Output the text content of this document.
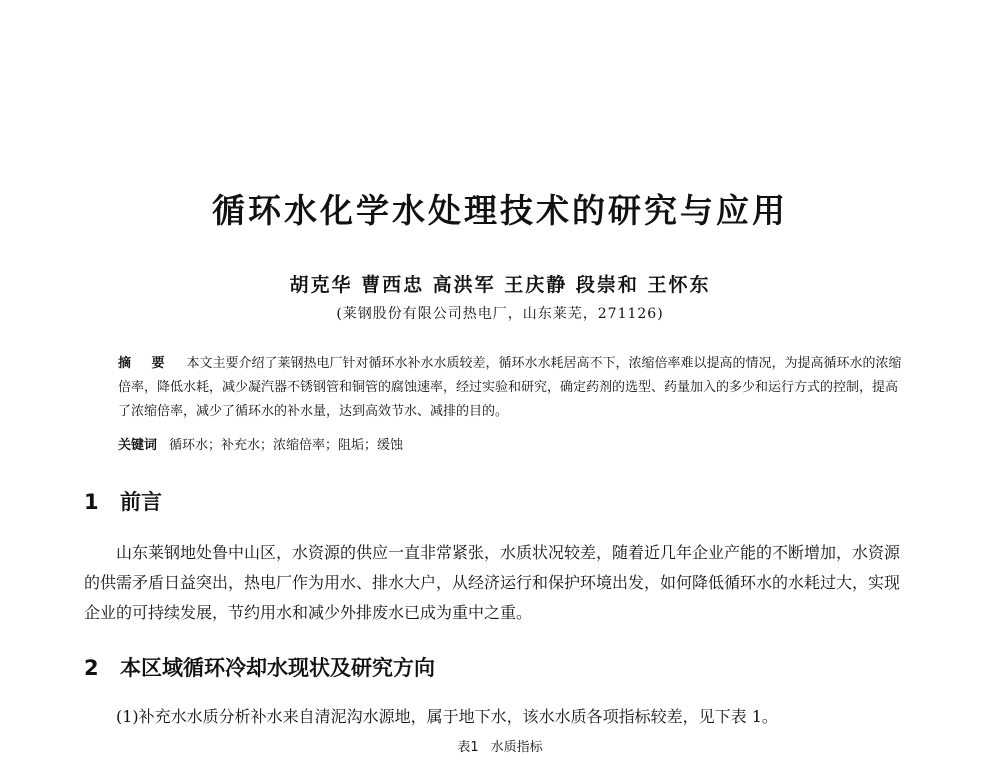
循环水化学水处理技术的研究与应用
胡克华 曹西忠 高洪军 王庆静 段崇和 王怀东
(莱钢股份有限公司热电厂，山东莱芜，271126)
摘 要 本文主要介绍了莱钢热电厂针对循环水补水水质较差，循环水水耗居高不下，浓缩倍率难以提高的情况，为提高循环水的浓缩倍率，降低水耗，减少凝汽器不锈钢管和铜管的腐蚀速率，经过实验和研究，确定药剂的选型、药量加入的多少和运行方式的控制，提高了浓缩倍率，减少了循环水的补水量，达到高效节水、减排的目的。
关键词 循环水；补充水；浓缩倍率；阻垢；缓蚀
1 前言
山东莱钢地处鲁中山区，水资源的供应一直非常紧张，水质状况较差，随着近几年企业产能的不断增加，水资源的供需矛盾日益突出，热电厂作为用水、排水大户，从经济运行和保护环境出发，如何降低循环水的水耗过大，实现企业的可持续发展，节约用水和减少外排废水已成为重中之重。
2 本区域循环冷却水现状及研究方向
(1)补充水水质分析补水来自清泥沟水源地，属于地下水，该水水质各项指标较差，见下表 1。
表1 水质指标
